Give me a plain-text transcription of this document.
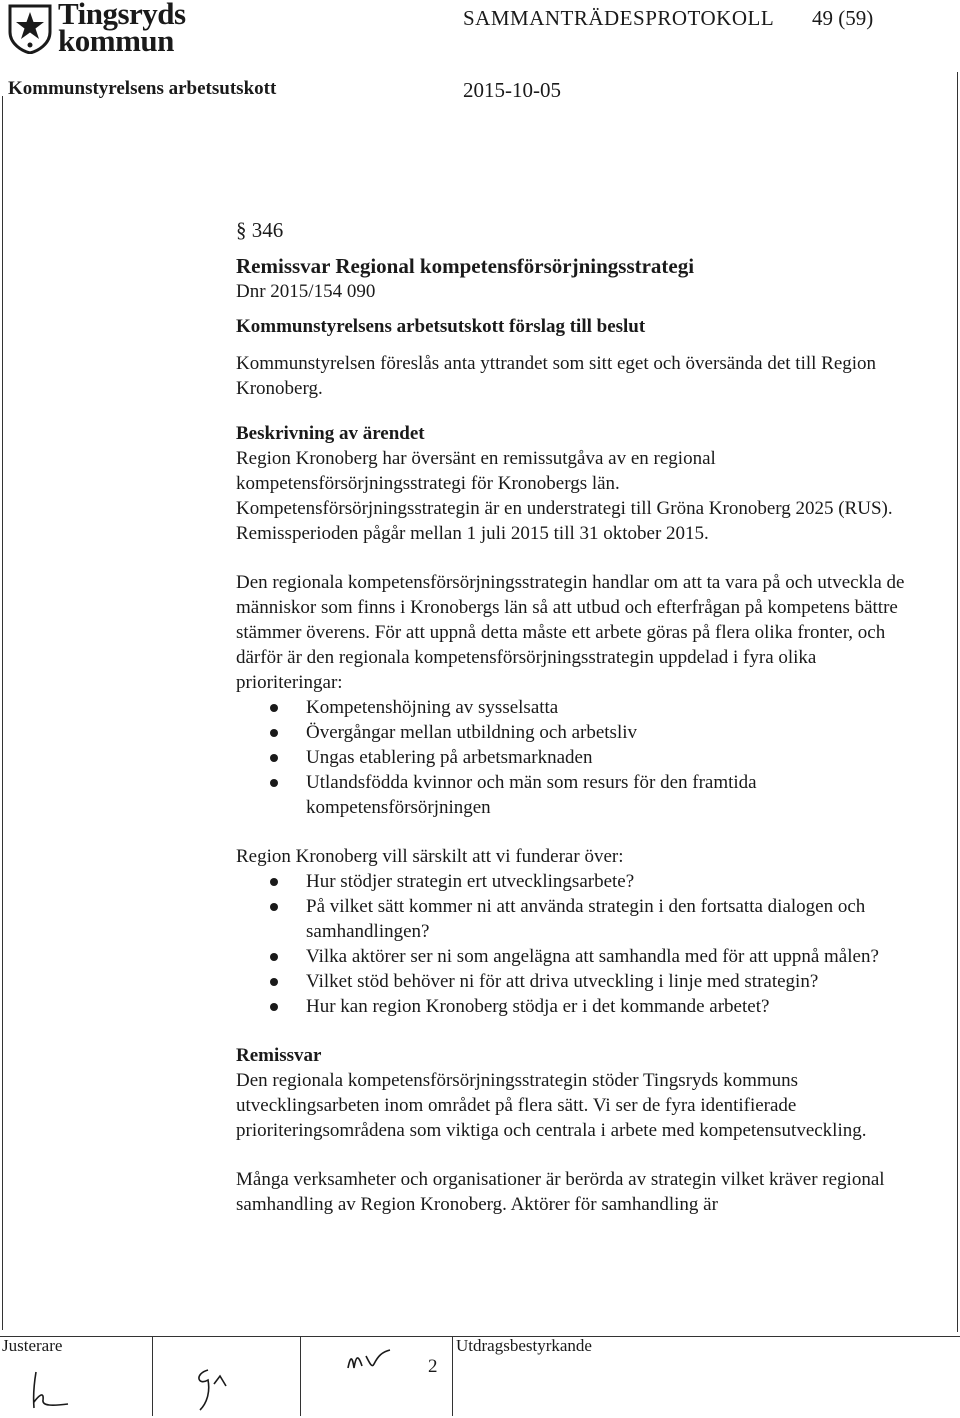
Tingsryds
kommun
SAMMANTRÄDESPROTOKOLL 49 (59)
Kommunstyrelsens arbetsutskott	2015-10-05

§ 346

Remissvar Regional kompetensförsörjningsstrategi

Dnr 2015/154 090

Kommunstyrelsens arbetsutskott förslag till beslut

Kommunstyrelsen föreslås anta yttrandet som sitt eget och översända det till Region Kronoberg.

Beskrivning av ärendet

Region Kronoberg har översänt en remissutgåva av en regional kompetensförsörjningsstrategi för Kronobergs län.

Kompetensförsörjningsstrategin är en understrategi till Gröna Kronoberg 2025 (RUS). Remissperioden pågår mellan 1 juli 2015 till 31 oktober 2015.

Den regionala kompetensförsörjningsstrategin handlar om att ta vara på och utveckla de människor som finns i Kronobergs län så att utbud och efterfrågan på kompetens bättre stämmer överens. För att uppnå detta måste ett arbete göras på flera olika fronter, och därför är den regionala kompetensförsörjningsstrategin uppdelad i fyra olika prioriteringar:

Kompetenshöjning av sysselsatta
Övergångar mellan utbildning och arbetsliv
Ungas etablering på arbetsmarknaden
Utlandsfödda kvinnor och män som resurs för den framtida kompetensförsörjningen

Region Kronoberg vill särskilt att vi funderar över:

Hur stödjer strategin ert utvecklingsarbete?
På vilket sätt kommer ni att använda strategin i den fortsatta dialogen och samhandlingen?
Vilka aktörer ser ni som angelägna att samhandla med för att uppnå målen?
Vilket stöd behöver ni för att driva utveckling i linje med strategin?
Hur kan region Kronoberg stödja er i det kommande arbetet?

Remissvar

Den regionala kompetensförsörjningsstrategin stöder Tingsryds kommuns utvecklingsarbeten inom området på flera sätt. Vi ser de fyra identifierade prioriteringsområdena som viktiga och centrala i arbete med kompetensutveckling.

Många verksamheter och organisationer är berörda av strategin vilket kräver regional samhandling av Region Kronoberg. Aktörer för samhandling är

Justerare	Utdragsbestyrkande
2
